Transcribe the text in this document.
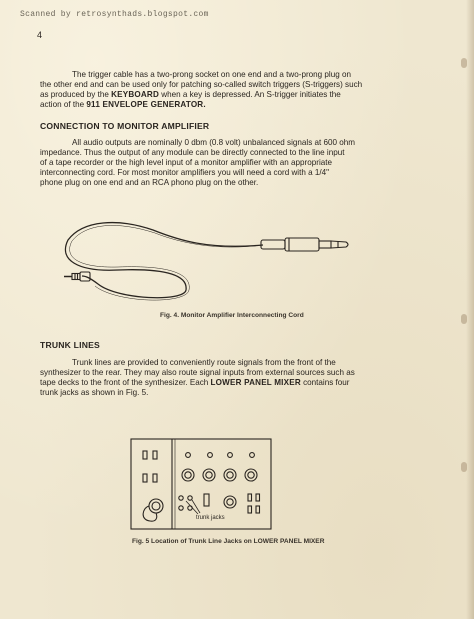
Scanned by retrosynthads.blogspot.com
4
The trigger cable has a two-prong socket on one end and a two-prong plug on
the other end and can be used only for patching so-called switch triggers (S-triggers) such
as produced by the KEYBOARD when a key is depressed. An S-trigger initiates the
action of the 911 ENVELOPE GENERATOR.
CONNECTION TO MONITOR AMPLIFIER
All audio outputs are nominally 0 dbm (0.8 volt) unbalanced signals at 600 ohm
impedance. Thus the output of any module can be directly connected to the line input
of a tape recorder or the high level input of a monitor amplifier with an appropriate
interconnecting cord. For most monitor amplifiers you will need a cord with a 1/4"
phone plug on one end and an RCA phono plug on the other.
Fig. 4. Monitor Amplifier Interconnecting Cord
TRUNK LINES
Trunk lines are provided to conveniently route signals from the front of the
synthesizer to the rear. They may also route signal inputs from external sources such as
tape decks to the front of the synthesizer. Each LOWER PANEL MIXER contains four
trunk jacks as shown in Fig. 5.
trunk jacks
Fig. 5 Location of Trunk Line Jacks on LOWER PANEL MIXER
